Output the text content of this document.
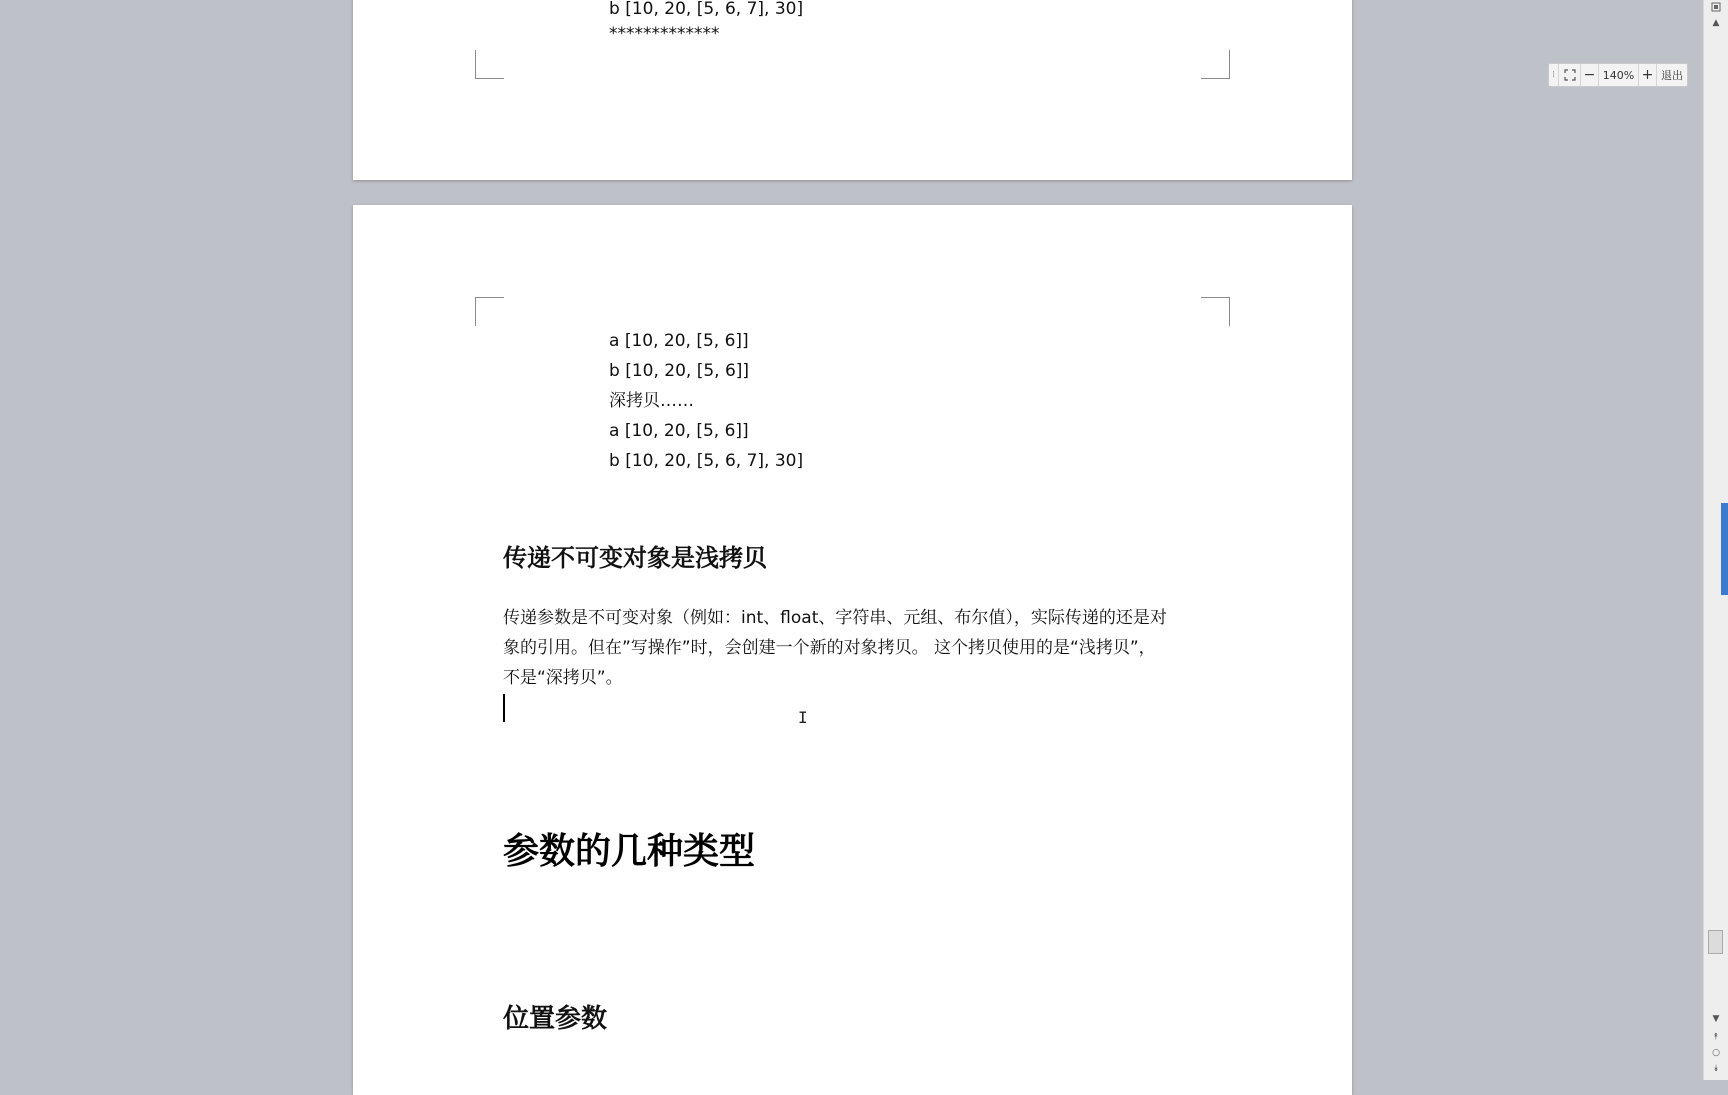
b [10, 20, [5, 6, 7], 30]
*************
a [10, 20, [5, 6]]
b [10, 20, [5, 6]]
深拷贝……
a [10, 20, [5, 6]]
b [10, 20, [5, 6, 7], 30]
传递不可变对象是浅拷贝
传递参数是不可变对象（例如：int、float、字符串、元组、布尔值），实际传递的还是对
象的引用。但在”写操作”时，会创建一个新的对象拷贝。 这个拷贝使用的是“浅拷贝”，
不是“深拷贝”。
参数的几种类型
位置参数
I
⁞ − 140% + 退出
▲
▼
⯭
○
⯯
